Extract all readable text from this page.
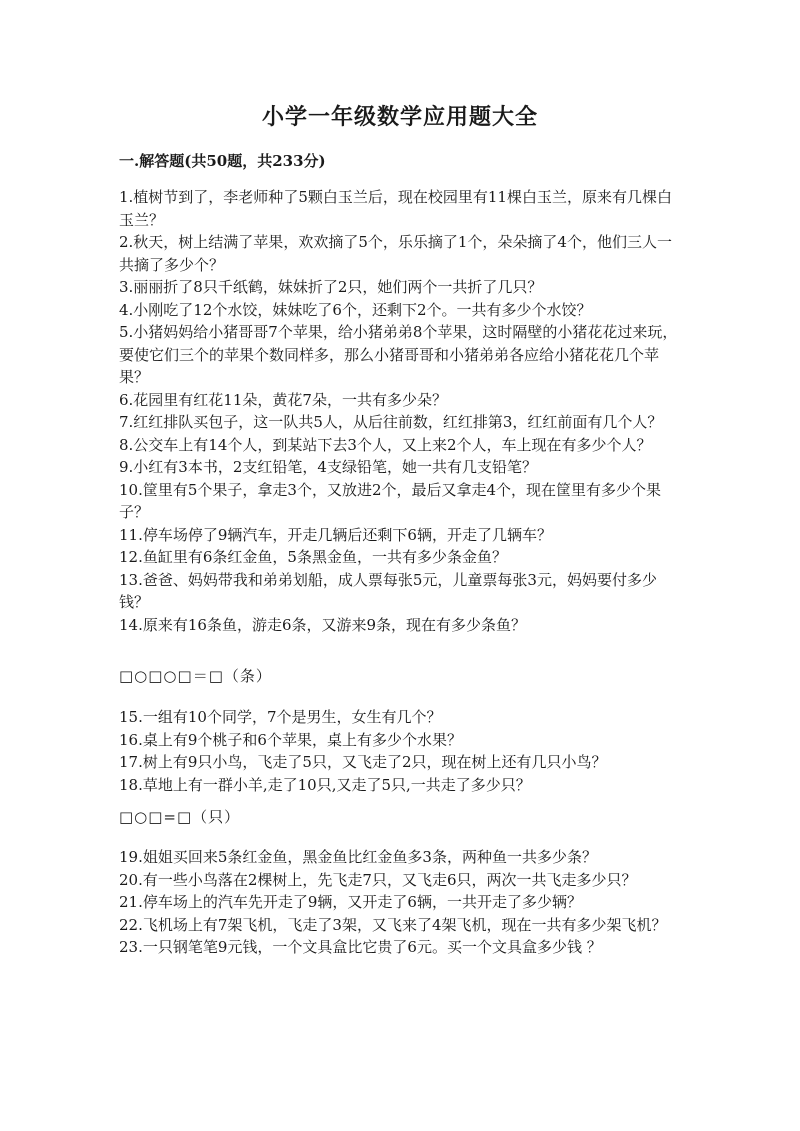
小学一年级数学应用题大全
一.解答题(共50题，共233分)
1.植树节到了，李老师种了5颗白玉兰后，现在校园里有11棵白玉兰，原来有几棵白玉兰？
2.秋天，树上结满了苹果，欢欢摘了5个，乐乐摘了1个，朵朵摘了4个，他们三人一共摘了多少个？
3.丽丽折了8只千纸鹤，妹妹折了2只，她们两个一共折了几只？
4.小刚吃了12个水饺，妹妹吃了6个，还剩下2个。一共有多少个水饺？
5.小猪妈妈给小猪哥哥7个苹果，给小猪弟弟8个苹果，这时隔壁的小猪花花过来玩，要使它们三个的苹果个数同样多，那么小猪哥哥和小猪弟弟各应给小猪花花几个苹果？
6.花园里有红花11朵，黄花7朵，一共有多少朵？
7.红红排队买包子，这一队共5人，从后往前数，红红排第3，红红前面有几个人？
8.公交车上有14个人，到某站下去3个人，又上来2个人，车上现在有多少个人？
9.小红有3本书，2支红铅笔，4支绿铅笔，她一共有几支铅笔？
10.筐里有5个果子，拿走3个，又放进2个，最后又拿走4个，现在筐里有多少个果子？
11.停车场停了9辆汽车，开走几辆后还剩下6辆，开走了几辆车？
12.鱼缸里有6条红金鱼，5条黑金鱼，一共有多少条金鱼？
13.爸爸、妈妈带我和弟弟划船，成人票每张5元，儿童票每张3元，妈妈要付多少钱？
14.原来有16条鱼，游走6条，又游来9条，现在有多少条鱼？
□○□○□＝□（条）
15.一组有10个同学，7个是男生，女生有几个？
16.桌上有9个桃子和6个苹果，桌上有多少个水果？
17.树上有9只小鸟，飞走了5只，又飞走了2只，现在树上还有几只小鸟？
18.草地上有一群小羊,走了10只,又走了5只,一共走了多少只？
□○□=□（只）
19.姐姐买回来5条红金鱼，黑金鱼比红金鱼多3条，两种鱼一共多少条？
20.有一些小鸟落在2棵树上，先飞走7只，又飞走6只，两次一共飞走多少只？
21.停车场上的汽车先开走了9辆，又开走了6辆，一共开走了多少辆？
22.飞机场上有7架飞机，飞走了3架，又飞来了4架飞机，现在一共有多少架飞机？
23.一只钢笔笔9元钱，一个文具盒比它贵了6元。买一个文具盒多少钱 ？
